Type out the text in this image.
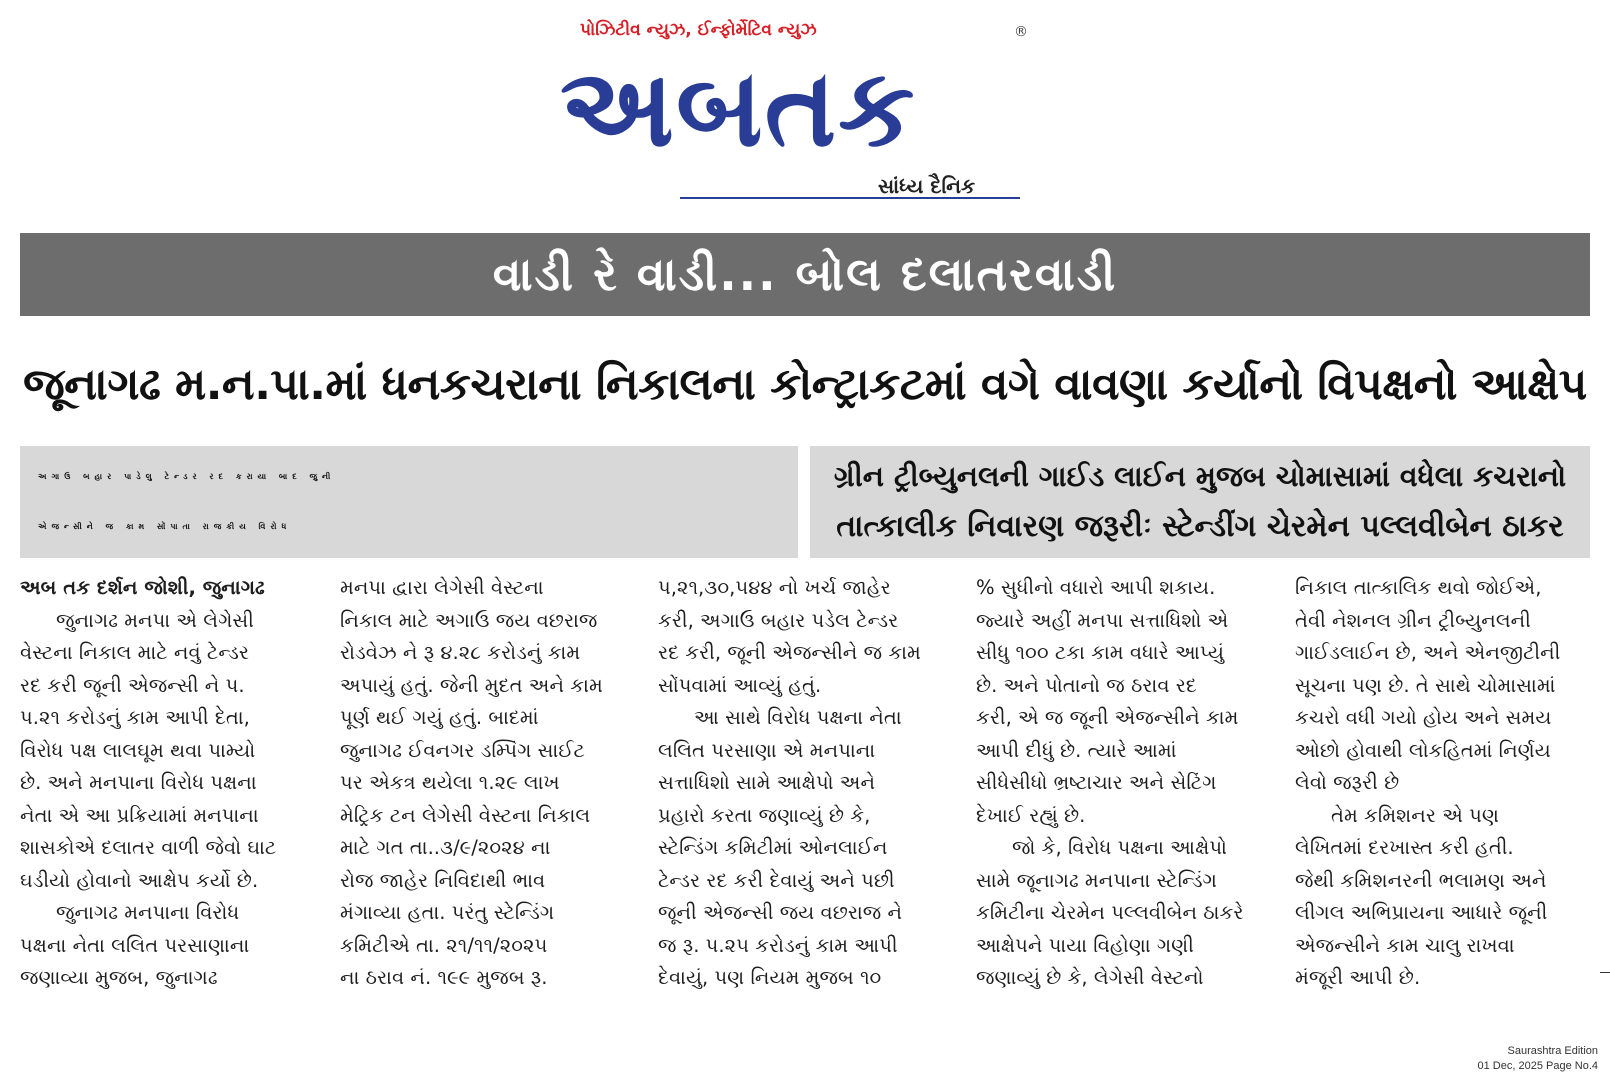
પોઝિટીવ ન્યુઝ, ઈન્ફોર્મેટિવ ન્યુઝ
અબતક
®
સાંધ્ય દૈનિક
વાડી રે વાડી... બોલ દલાતરવાડી
જૂનાગઢ મ.ન.પા.માં ધનકચરાના નિકાલના કોન્ટ્રાકટમાં વગે વાવણા કર્યાનો વિપક્ષનો આક્ષેપ
અગાઉ બહાર પાડેલુ ટેન્ડર રદ કરાયા બાદ જુની
એજન્સીને જ કામ સોંપાતા રાજકીય વિરોધ
ગ્રીન ટ્રીબ્યુનલની ગાઈડ લાઈન મુજબ ચોમાસામાં વધેલા કચરાનો
તાત્કાલીક નિવારણ જરૂરીઃ સ્ટેન્ડીંગ ચેરમેન પલ્લવીબેન ઠાકર

અબ તક દર્શન જોશી, જુનાગઢ

જુનાગઢ મનપા એ લેગેસી

વેસ્ટના નિકાલ માટે નવું ટેન્ડર

રદ કરી જૂની એજન્સી ને પ.

પ.૨૧ કરોડનું કામ આપી દેતા,

વિરોધ પક્ષ લાલઘૂમ થવા પામ્યો

છે. અને મનપાના વિરોધ પક્ષના

નેતા એ આ પ્રક્રિયામાં મનપાના

શાસકોએ દલાતર વાળી જેવો ઘાટ

ઘડીયો હોવાનો આક્ષેપ કર્યો છે.

જુનાગઢ મનપાના વિરોધ

પક્ષના નેતા લલિત પરસાણાના

જણાવ્યા મુજબ, જુનાગઢ

મનપા દ્વારા લેગેસી વેસ્ટના

નિકાલ માટે અગાઉ જય વછરાજ

રોડવેઝ ને રૂ ૪.૨૮ કરોડનું કામ

અપાયું હતું. જેની મુદત અને કામ

પૂર્ણ થઈ ગયું હતું. બાદમાં

જુનાગઢ ઈવનગર ડમ્પિંગ સાઈટ

પર એકત્ર થયેલા ૧.૨૯ લાખ

મેટ્રિક ટન લેગેસી વેસ્ટના નિકાલ

માટે ગત તા..૩/૯/૨૦૨૪ ના

રોજ જાહેર નિવિદાથી ભાવ

મંગાવ્યા હતા. પરંતુ સ્ટેન્ડિંગ

કમિટીએ તા. ૨૧/૧૧/૨૦૨૫

ના ઠરાવ નં. ૧૯૯ મુજબ રૂ.

પ,૨૧,૩૦,૫૪૪ નો ખર્ચ જાહેર

કરી, અગાઉ બહાર પડેલ ટેન્ડર

રદ કરી, જૂની એજન્સીને જ કામ

સોંપવામાં આવ્યું હતું.

આ સાથે વિરોધ પક્ષના નેતા

લલિત પરસાણા એ મનપાના

સત્તાધિશો સામે આક્ષેપો અને

પ્રહારો કરતા જણાવ્યું છે કે,

સ્ટેન્ડિંગ કમિટીમાં ઓનલાઈન

ટેન્ડર રદ કરી દેવાયું અને પછી

જૂની એજન્સી જય વછરાજ ને

જ રૂ. પ.૨૫ કરોડનું કામ આપી

દેવાયું, પણ નિયમ મુજબ ૧૦

% સુધીનો વધારો આપી શકાય.

જ્યારે અહીં મનપા સત્તાધિશો એ

સીધુ ૧૦૦ ટકા કામ વધારે આપ્યું

છે. અને પોતાનો જ ઠરાવ રદ

કરી, એ જ જૂની એજન્સીને કામ

આપી દીધું છે. ત્યારે આમાં

સીધેસીધો ભ્રષ્ટાચાર અને સેટિંગ

દેખાઈ રહ્યું છે.

જો કે, વિરોધ પક્ષના આક્ષેપો

સામે જૂનાગઢ મનપાના સ્ટેન્ડિંગ

કમિટીના ચેરમેન પલ્લવીબેન ઠાકરે

આક્ષેપને પાયા વિહોણા ગણી

જણાવ્યું છે કે, લેગેસી વેસ્ટનો

નિકાલ તાત્કાલિક થવો જોઈએ,

તેવી નેશનલ ગ્રીન ટ્રીબ્યુનલની

ગાઈડલાઈન છે, અને એનજીટીની

સૂચના પણ છે. તે સાથે ચોમાસામાં

કચરો વધી ગયો હોય અને સમય

ઓછો હોવાથી લોકહિતમાં નિર્ણય

લેવો જરૂરી છે

તેમ કમિશનર એ પણ

લેખિતમાં દરખાસ્ત કરી હતી.

જેથી કમિશનરની ભલામણ અને

લીગલ અભિપ્રાયના આધારે જૂની

એજન્સીને કામ ચાલુ રાખવા

મંજૂરી આપી છે.

Saurashtra Edition
01 Dec, 2025 Page No.4
